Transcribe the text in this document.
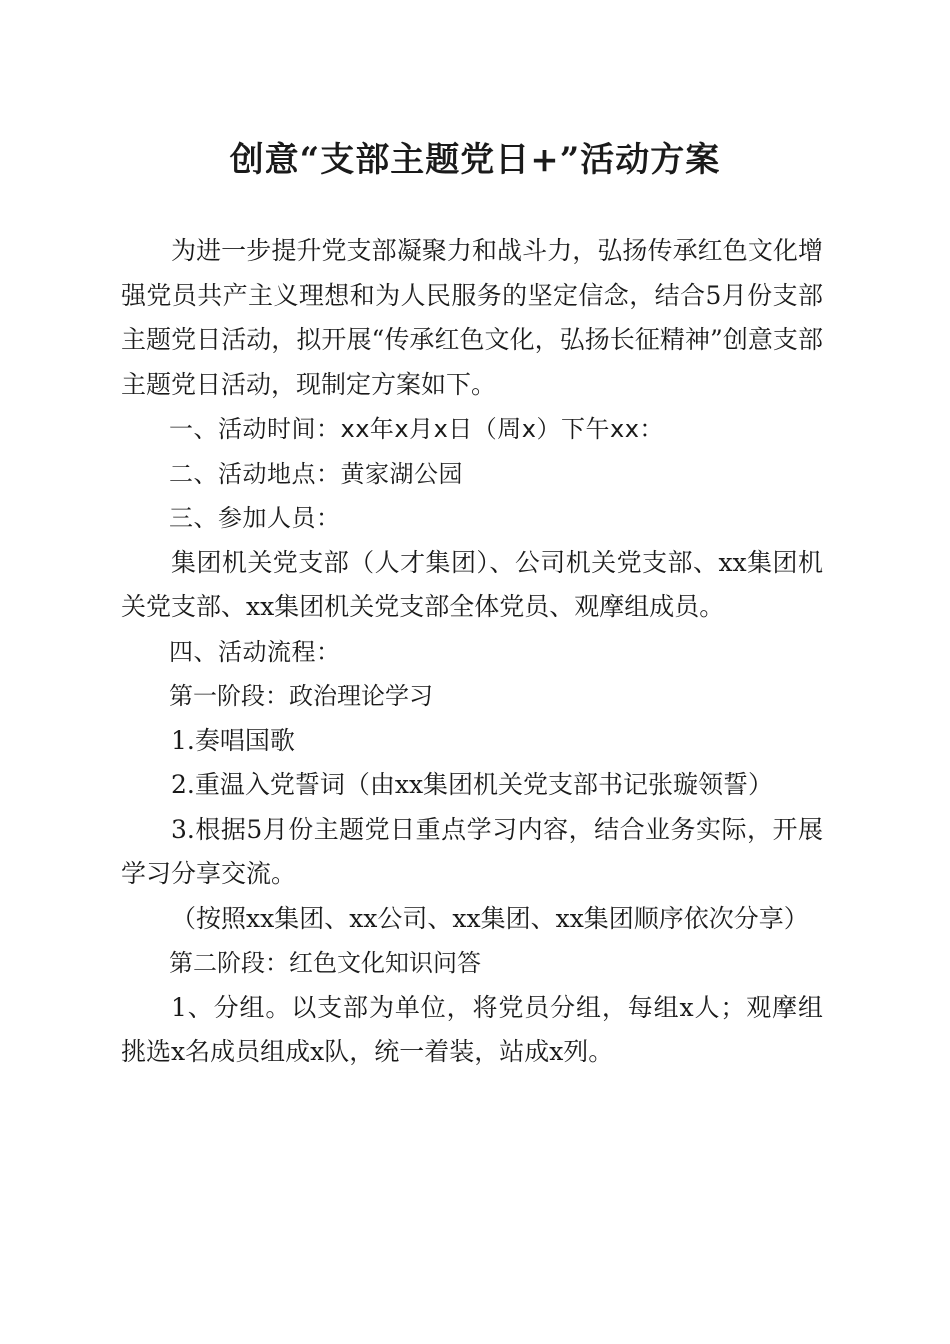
创意“支部主题党日+”活动方案

为进一步提升党支部凝聚力和战斗力，弘扬传承红色文化增强党员共产主义理想和为人民服务的坚定信念，结合5月份支部主题党日活动，拟开展“传承红色文化，弘扬长征精神”创意支部主题党日活动，现制定方案如下。

一、活动时间：xx年x月x日（周x）下午xx：

二、活动地点：黄家湖公园

三、参加人员：

集团机关党支部（人才集团）、公司机关党支部、xx集团机关党支部、xx集团机关党支部全体党员、观摩组成员。

四、活动流程：

第一阶段：政治理论学习

1.奏唱国歌

2.重温入党誓词（由xx集团机关党支部书记张璇领誓）

3.根据5月份主题党日重点学习内容，结合业务实际，开展学习分享交流。

（按照xx集团、xx公司、xx集团、xx集团顺序依次分享）

第二阶段：红色文化知识问答

1、分组。以支部为单位，将党员分组，每组x人；观摩组挑选x名成员组成x队，统一着装，站成x列。
